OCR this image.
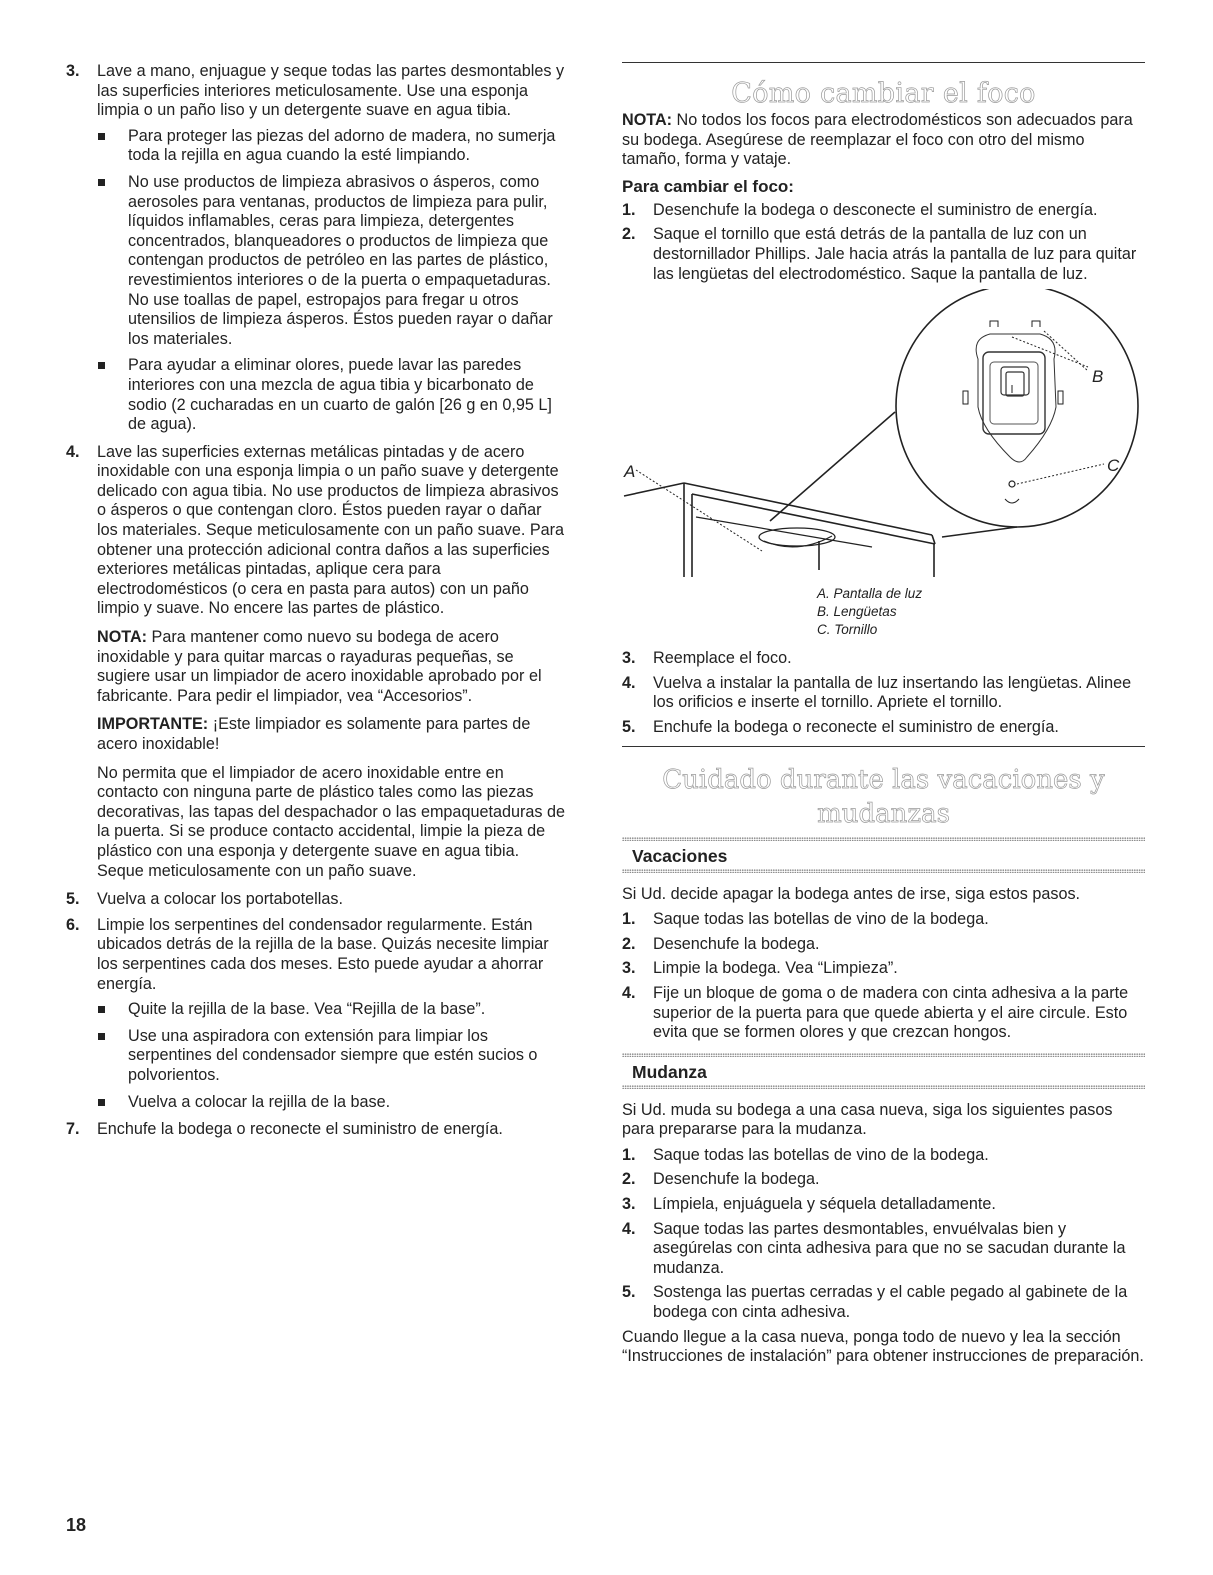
3. Lave a mano, enjuague y seque todas las partes desmontables y las superficies interiores meticulosamente. Use una esponja limpia o un paño liso y un detergente suave en agua tibia.
Para proteger las piezas del adorno de madera, no sumerja toda la rejilla en agua cuando la esté limpiando.
No use productos de limpieza abrasivos o ásperos, como aerosoles para ventanas, productos de limpieza para pulir, líquidos inflamables, ceras para limpieza, detergentes concentrados, blanqueadores o productos de limpieza que contengan productos de petróleo en las partes de plástico, revestimientos interiores o de la puerta o empaquetaduras. No use toallas de papel, estropajos para fregar u otros utensilios de limpieza ásperos. Éstos pueden rayar o dañar los materiales.
Para ayudar a eliminar olores, puede lavar las paredes interiores con una mezcla de agua tibia y bicarbonato de sodio (2 cucharadas en un cuarto de galón [26 g en 0,95 L] de agua).
4. Lave las superficies externas metálicas pintadas y de acero inoxidable con una esponja limpia o un paño suave y detergente delicado con agua tibia. No use productos de limpieza abrasivos o ásperos o que contengan cloro. Éstos pueden rayar o dañar los materiales. Seque meticulosamente con un paño suave. Para obtener una protección adicional contra daños a las superficies exteriores metálicas pintadas, aplique cera para electrodomésticos (o cera en pasta para autos) con un paño limpio y suave. No encere las partes de plástico.
NOTA: Para mantener como nuevo su bodega de acero inoxidable y para quitar marcas o rayaduras pequeñas, se sugiere usar un limpiador de acero inoxidable aprobado por el fabricante. Para pedir el limpiador, vea “Accesorios”.
IMPORTANTE: ¡Este limpiador es solamente para partes de acero inoxidable!
No permita que el limpiador de acero inoxidable entre en contacto con ninguna parte de plástico tales como las piezas decorativas, las tapas del despachador o las empaquetaduras de la puerta. Si se produce contacto accidental, limpie la pieza de plástico con una esponja y detergente suave en agua tibia. Seque meticulosamente con un paño suave.
5. Vuelva a colocar los portabotellas.
6. Limpie los serpentines del condensador regularmente. Están ubicados detrás de la rejilla de la base. Quizás necesite limpiar los serpentines cada dos meses. Esto puede ayudar a ahorrar energía.
Quite la rejilla de la base. Vea “Rejilla de la base”.
Use una aspiradora con extensión para limpiar los serpentines del condensador siempre que estén sucios o polvorientos.
Vuelva a colocar la rejilla de la base.
7. Enchufe la bodega o reconecte el suministro de energía.
Cómo cambiar el foco
NOTA: No todos los focos para electrodomésticos son adecuados para su bodega. Asegúrese de reemplazar el foco con otro del mismo tamaño, forma y vataje.
Para cambiar el foco:
1. Desenchufe la bodega o desconecte el suministro de energía.
2. Saque el tornillo que está detrás de la pantalla de luz con un destornillador Phillips. Jale hacia atrás la pantalla de luz para quitar las lengüetas del electrodoméstico. Saque la pantalla de luz.
A
B
C
A. Pantalla de luz
B. Lengüetas
C. Tornillo
3. Reemplace el foco.
4. Vuelva a instalar la pantalla de luz insertando las lengüetas. Alinee los orificios e inserte el tornillo. Apriete el tornillo.
5. Enchufe la bodega o reconecte el suministro de energía.
Cuidado durante las vacaciones y mudanzas
Vacaciones
Si Ud. decide apagar la bodega antes de irse, siga estos pasos.
1. Saque todas las botellas de vino de la bodega.
2. Desenchufe la bodega.
3. Limpie la bodega. Vea “Limpieza”.
4. Fije un bloque de goma o de madera con cinta adhesiva a la parte superior de la puerta para que quede abierta y el aire circule. Esto evita que se formen olores y que crezcan hongos.
Mudanza
Si Ud. muda su bodega a una casa nueva, siga los siguientes pasos para prepararse para la mudanza.
1. Saque todas las botellas de vino de la bodega.
2. Desenchufe la bodega.
3. Límpiela, enjuáguela y séquela detalladamente.
4. Saque todas las partes desmontables, envuélvalas bien y asegúrelas con cinta adhesiva para que no se sacudan durante la mudanza.
5. Sostenga las puertas cerradas y el cable pegado al gabinete de la bodega con cinta adhesiva.
Cuando llegue a la casa nueva, ponga todo de nuevo y lea la sección “Instrucciones de instalación” para obtener instrucciones de preparación.
18
